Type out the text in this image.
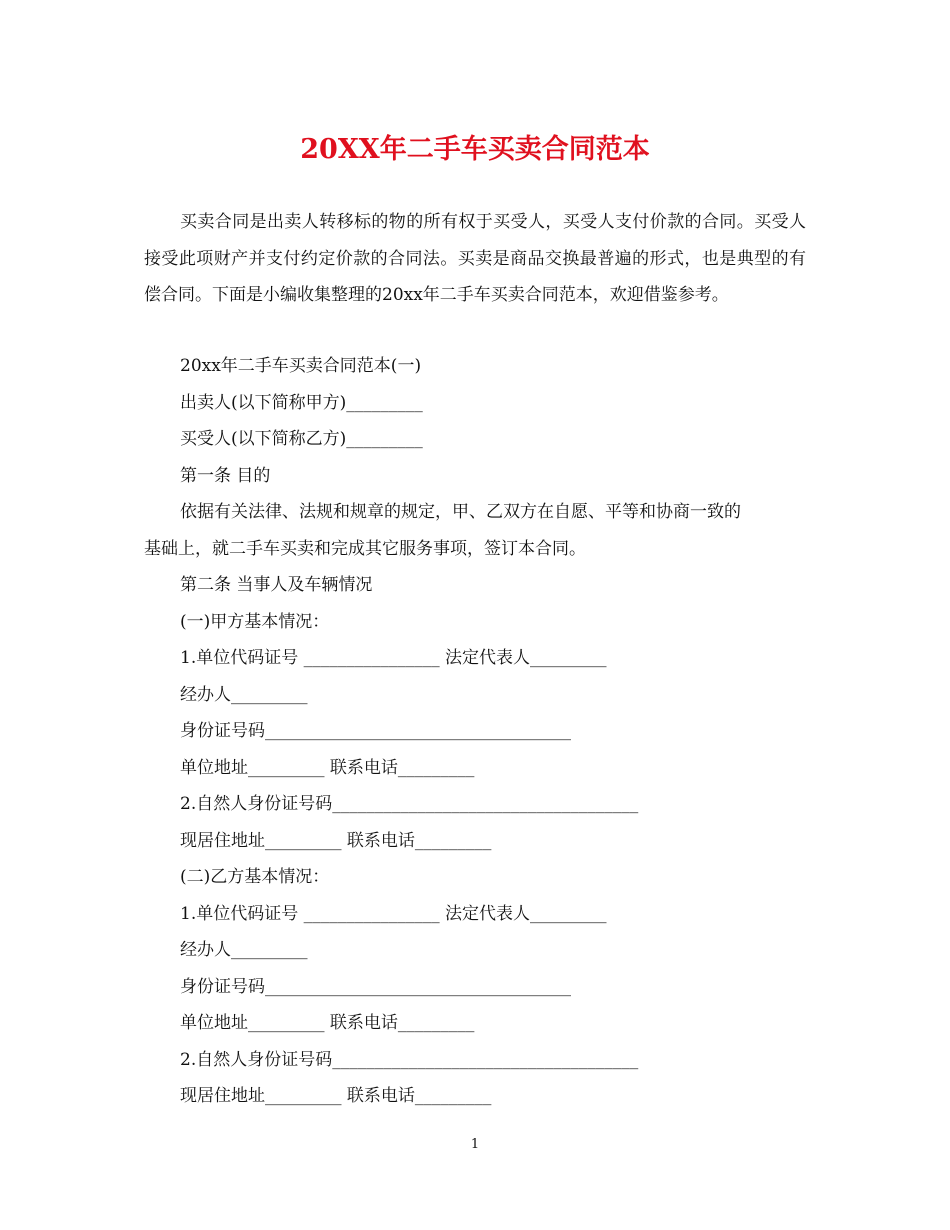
20XX年二手车买卖合同范本

买卖合同是出卖人转移标的物的所有权于买受人，买受人支付价款的合同。买受人接受此项财产并支付约定价款的合同法。买卖是商品交换最普遍的形式，也是典型的有偿合同。下面是小编收集整理的20xx年二手车买卖合同范本，欢迎借鉴参考。

20xx年二手车买卖合同范本(一)

出卖人(以下简称甲方)_________

买受人(以下简称乙方)_________

第一条 目的

依据有关法律、法规和规章的规定，甲、乙双方在自愿、平等和协商一致的

基础上，就二手车买卖和完成其它服务事项，签订本合同。

第二条 当事人及车辆情况

(一)甲方基本情况：

1.单位代码证号 ________________ 法定代表人_________

经办人_________

身份证号码____________________________________

单位地址_________ 联系电话_________

2.自然人身份证号码____________________________________

现居住地址_________ 联系电话_________

(二)乙方基本情况：

1.单位代码证号 ________________ 法定代表人_________

经办人_________

身份证号码____________________________________

单位地址_________ 联系电话_________

2.自然人身份证号码____________________________________

现居住地址_________ 联系电话_________

1
